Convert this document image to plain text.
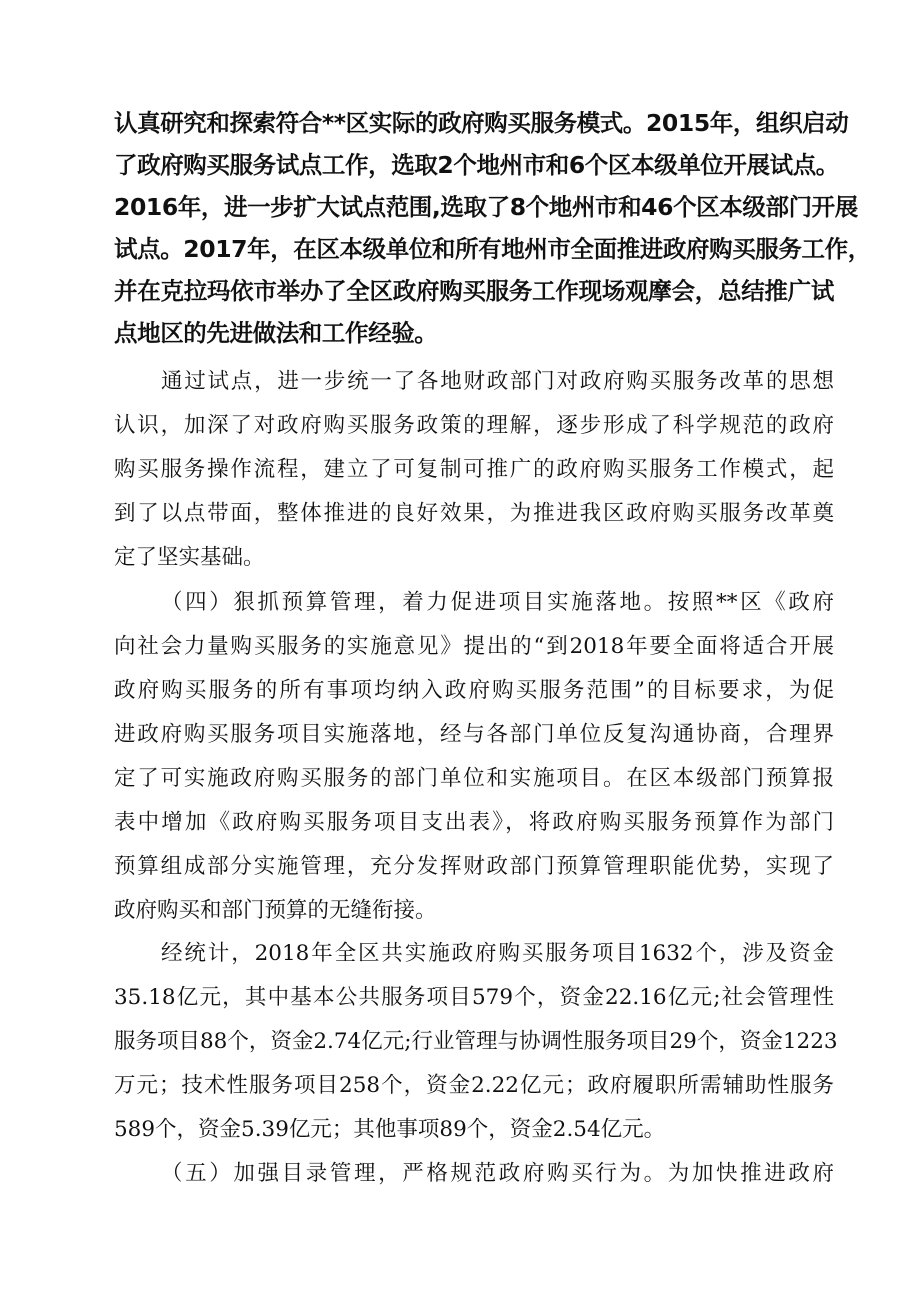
认真研究和探索符合**区实际的政府购买服务模式。2015年，组织启动
了政府购买服务试点工作，选取2个地州市和6个区本级单位开展试点。
2016年，进一步扩大试点范围,选取了8个地州市和46个区本级部门开展
试点。2017年，在区本级单位和所有地州市全面推进政府购买服务工作，
并在克拉玛依市举办了全区政府购买服务工作现场观摩会，总结推广试
点地区的先进做法和工作经验。
通过试点，进一步统一了各地财政部门对政府购买服务改革的思想
认识，加深了对政府购买服务政策的理解，逐步形成了科学规范的政府
购买服务操作流程，建立了可复制可推广的政府购买服务工作模式，起
到了以点带面，整体推进的良好效果，为推进我区政府购买服务改革奠
定了坚实基础。
（四）狠抓预算管理，着力促进项目实施落地。按照**区《政府
向社会力量购买服务的实施意见》提出的“到2018年要全面将适合开展
政府购买服务的所有事项均纳入政府购买服务范围”的目标要求，为促
进政府购买服务项目实施落地，经与各部门单位反复沟通协商，合理界
定了可实施政府购买服务的部门单位和实施项目。在区本级部门预算报
表中增加《政府购买服务项目支出表》，将政府购买服务预算作为部门
预算组成部分实施管理，充分发挥财政部门预算管理职能优势，实现了
政府购买和部门预算的无缝衔接。
经统计，2018年全区共实施政府购买服务项目1632个，涉及资金
35.18亿元，其中基本公共服务项目579个，资金22.16亿元;社会管理性
服务项目88个，资金2.74亿元;行业管理与协调性服务项目29个，资金1223
万元；技术性服务项目258个，资金2.22亿元；政府履职所需辅助性服务
589个，资金5.39亿元；其他事项89个，资金2.54亿元。
（五）加强目录管理，严格规范政府购买行为。为加快推进政府
